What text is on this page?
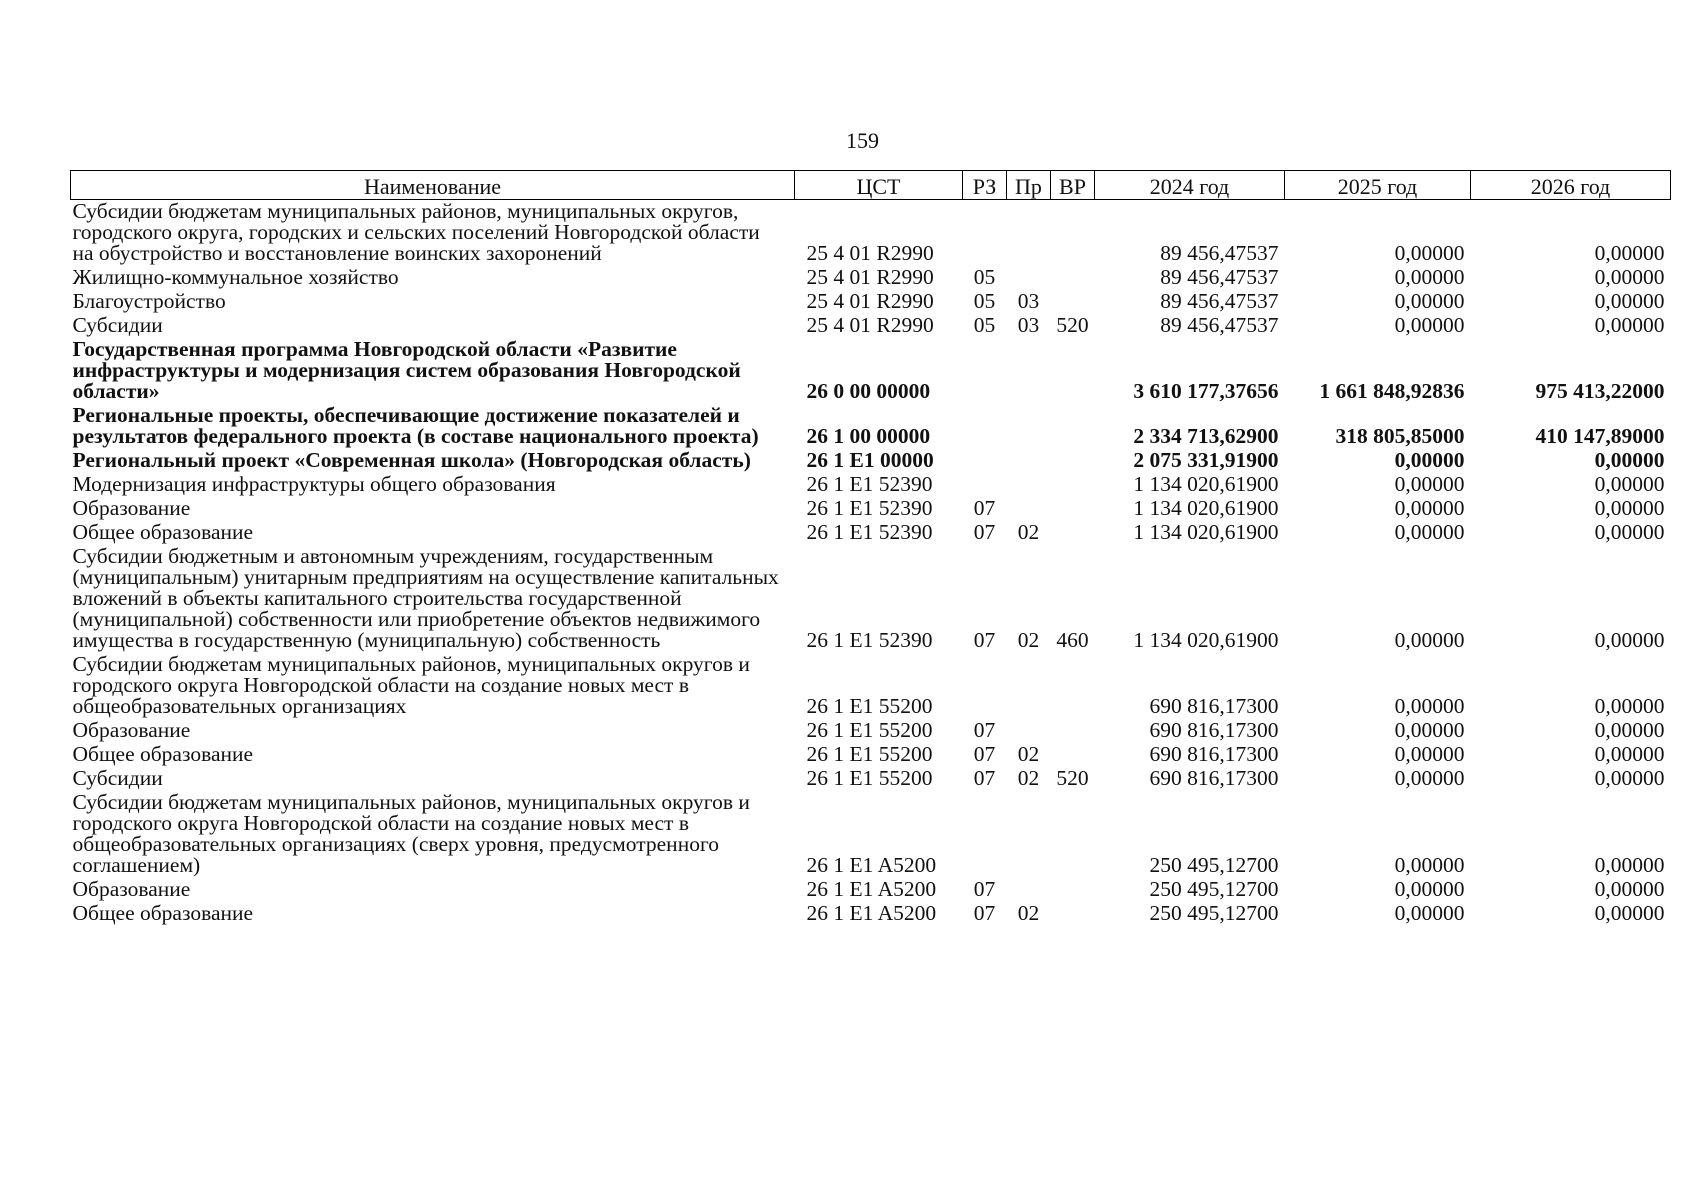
159
Наименование	ЦСТ	РЗ	Пр	ВР	2024 год	2025 год	2026 год
Субсидии бюджетам муниципальных районов, муниципальных округов, городского округа, городских и сельских поселений Новгородской области на обустройство и восстановление воинских захоронений	25 4 01 R2990				89 456,47537	0,00000	0,00000
Жилищно-коммунальное хозяйство	25 4 01 R2990	05			89 456,47537	0,00000	0,00000
Благоустройство	25 4 01 R2990	05	03		89 456,47537	0,00000	0,00000
Субсидии	25 4 01 R2990	05	03	520	89 456,47537	0,00000	0,00000
Государственная программа Новгородской области «Развитие инфраструктуры и модернизация систем образования Новгородской области»	26 0 00 00000				3 610 177,37656	1 661 848,92836	975 413,22000
Региональные проекты, обеспечивающие достижение показателей и результатов федерального проекта (в составе национального проекта)	26 1 00 00000				2 334 713,62900	318 805,85000	410 147,89000
Региональный проект «Современная школа» (Новгородская область)	26 1 E1 00000				2 075 331,91900	0,00000	0,00000
Модернизация инфраструктуры общего образования	26 1 E1 52390				1 134 020,61900	0,00000	0,00000
Образование	26 1 E1 52390	07			1 134 020,61900	0,00000	0,00000
Общее образование	26 1 E1 52390	07	02		1 134 020,61900	0,00000	0,00000
Субсидии бюджетным и автономным учреждениям, государственным (муниципальным) унитарным предприятиям на осуществление капитальных вложений в объекты капитального строительства государственной (муниципальной) собственности или приобретение объектов недвижимого имущества в государственную (муниципальную) собственность	26 1 E1 52390	07	02	460	1 134 020,61900	0,00000	0,00000
Субсидии бюджетам муниципальных районов, муниципальных округов и городского округа Новгородской области на создание новых мест в общеобразовательных организациях	26 1 E1 55200				690 816,17300	0,00000	0,00000
Образование	26 1 E1 55200	07			690 816,17300	0,00000	0,00000
Общее образование	26 1 E1 55200	07	02		690 816,17300	0,00000	0,00000
Субсидии	26 1 E1 55200	07	02	520	690 816,17300	0,00000	0,00000
Субсидии бюджетам муниципальных районов, муниципальных округов и городского округа Новгородской области на создание новых мест в общеобразовательных организациях (сверх уровня, предусмотренного соглашением)	26 1 E1 A5200				250 495,12700	0,00000	0,00000
Образование	26 1 E1 A5200	07			250 495,12700	0,00000	0,00000
Общее образование	26 1 E1 A5200	07	02		250 495,12700	0,00000	0,00000
